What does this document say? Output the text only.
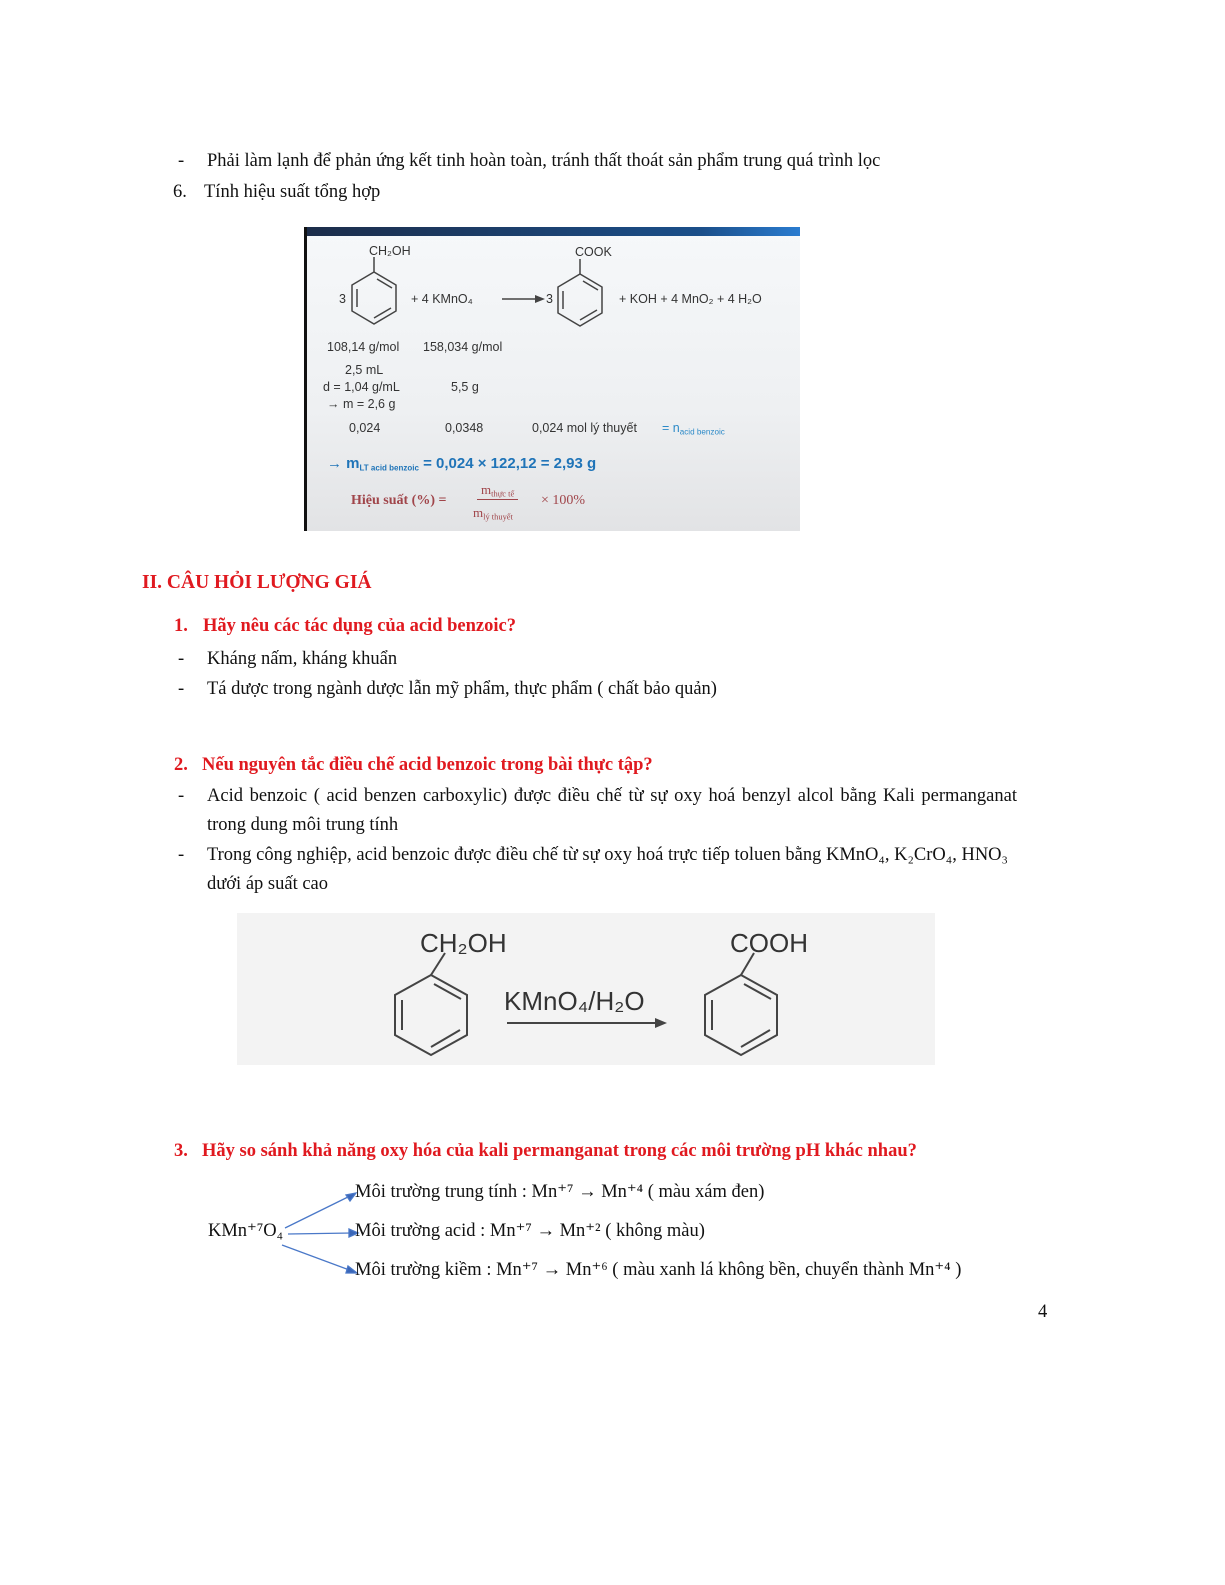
- Phải làm lạnh để phản ứng kết tinh hoàn toàn, tránh thất thoát sản phẩm trung quá trình lọc
6. Tính hiệu suất tổng hợp
CH₂OH
3	+ 4 KMnO₄	3
COOK
+ KOH + 4 MnO₂ + 4 H₂O
108,14 g/mol 158,034 g/mol
2,5 mL
d = 1,04 g/mL
→ m = 2,6 g
5,5 g
0,024	0,0348	0,024 mol lý thuyết = $n_{acid benzoic}$
→ $m_{LT acid benzoic} = 0,024 \times 122,12 = 2,93$ g
Hiệu suất (%) =
$m_{thực tế}$
$m_{lý thuyết}$
× 100%
II. CÂU HỎI LƯỢNG GIÁ
1. Hãy nêu các tác dụng của acid benzoic?
- Kháng nấm, kháng khuẩn
- Tá dược trong ngành dược lẫn mỹ phẩm, thực phẩm ( chất bảo quản)
2. Nếu nguyên tắc điều chế acid benzoic trong bài thực tập?
- Acid benzoic ( acid benzen carboxylic) được điều chế từ sự oxy hoá benzyl alcol bằng Kali permanganat
trong dung môi trung tính
- Trong công nghiệp, acid benzoic được điều chế từ sự oxy hoá trực tiếp toluen bằng KMnO₄, K₂CrO₄, HNO₃
dưới áp suất cao
CH₂OH
KMnO₄/H₂O
COOH
3. Hãy so sánh khả năng oxy hóa của kali permanganat trong các môi trường pH khác nhau?
KMn⁺⁷O₄
Môi trường trung tính : Mn⁺⁷ → Mn⁺⁴ ( màu xám đen)
Môi trường acid : Mn⁺⁷ → Mn⁺² ( không màu)
Môi trường kiềm : Mn⁺⁷ → Mn⁺⁶ ( màu xanh lá không bền, chuyển thành Mn⁺⁴ )
4
